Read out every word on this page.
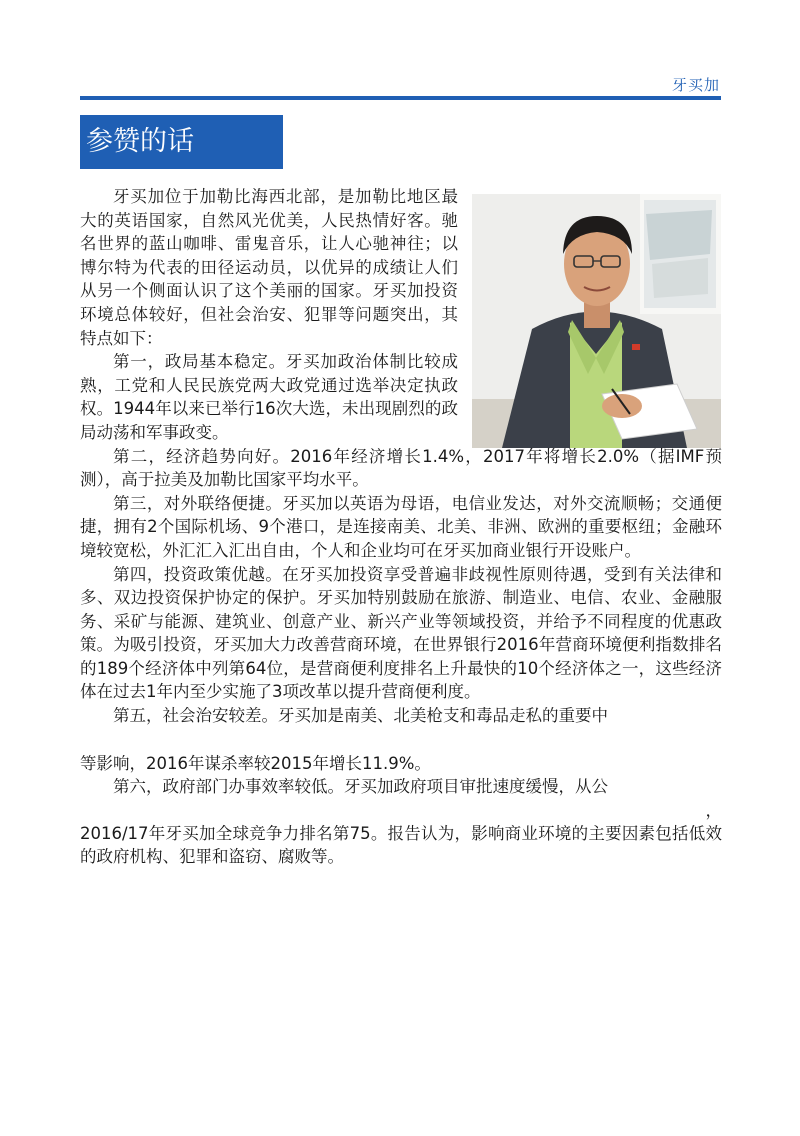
牙买加
参赞的话

牙买加位于加勒比海西北部，是加勒比地区最大的英语国家，自然风光优美，人民热情好客。驰名世界的蓝山咖啡、雷鬼音乐，让人心驰神往；以博尔特为代表的田径运动员，以优异的成绩让人们从另一个侧面认识了这个美丽的国家。牙买加投资环境总体较好，但社会治安、犯罪等问题突出，其特点如下：

第一，政局基本稳定。牙买加政治体制比较成熟，工党和人民民族党两大政党通过选举决定执政权。1944年以来已举行16次大选，未出现剧烈的政局动荡和军事政变。

第二，经济趋势向好。2016年经济增长1.4%，2017年将增长2.0%（据IMF预测），高于拉美及加勒比国家平均水平。

第三，对外联络便捷。牙买加以英语为母语，电信业发达，对外交流顺畅；交通便捷，拥有2个国际机场、9个港口，是连接南美、北美、非洲、欧洲的重要枢纽；金融环境较宽松，外汇汇入汇出自由，个人和企业均可在牙买加商业银行开设账户。

第四，投资政策优越。在牙买加投资享受普遍非歧视性原则待遇，受到有关法律和多、双边投资保护协定的保护。牙买加特别鼓励在旅游、制造业、电信、农业、金融服务、采矿与能源、建筑业、创意产业、新兴产业等领域投资，并给予不同程度的优惠政策。为吸引投资，牙买加大力改善营商环境，在世界银行2016年营商环境便利指数排名的189个经济体中列第64位，是营商便利度排名上升最快的10个经济体之一，这些经济体在过去1年内至少实施了3项改革以提升营商便利度。

第五，社会治安较差。牙买加是南美、北美枪支和毒品走私的重要中

等影响，2016年谋杀率较2015年增长11.9%。

第六，政府部门办事效率较低。牙买加政府项目审批速度缓慢，从公

，

2016/17年牙买加全球竞争力排名第75。报告认为，影响商业环境的主要因素包括低效的政府机构、犯罪和盗窃、腐败等。
